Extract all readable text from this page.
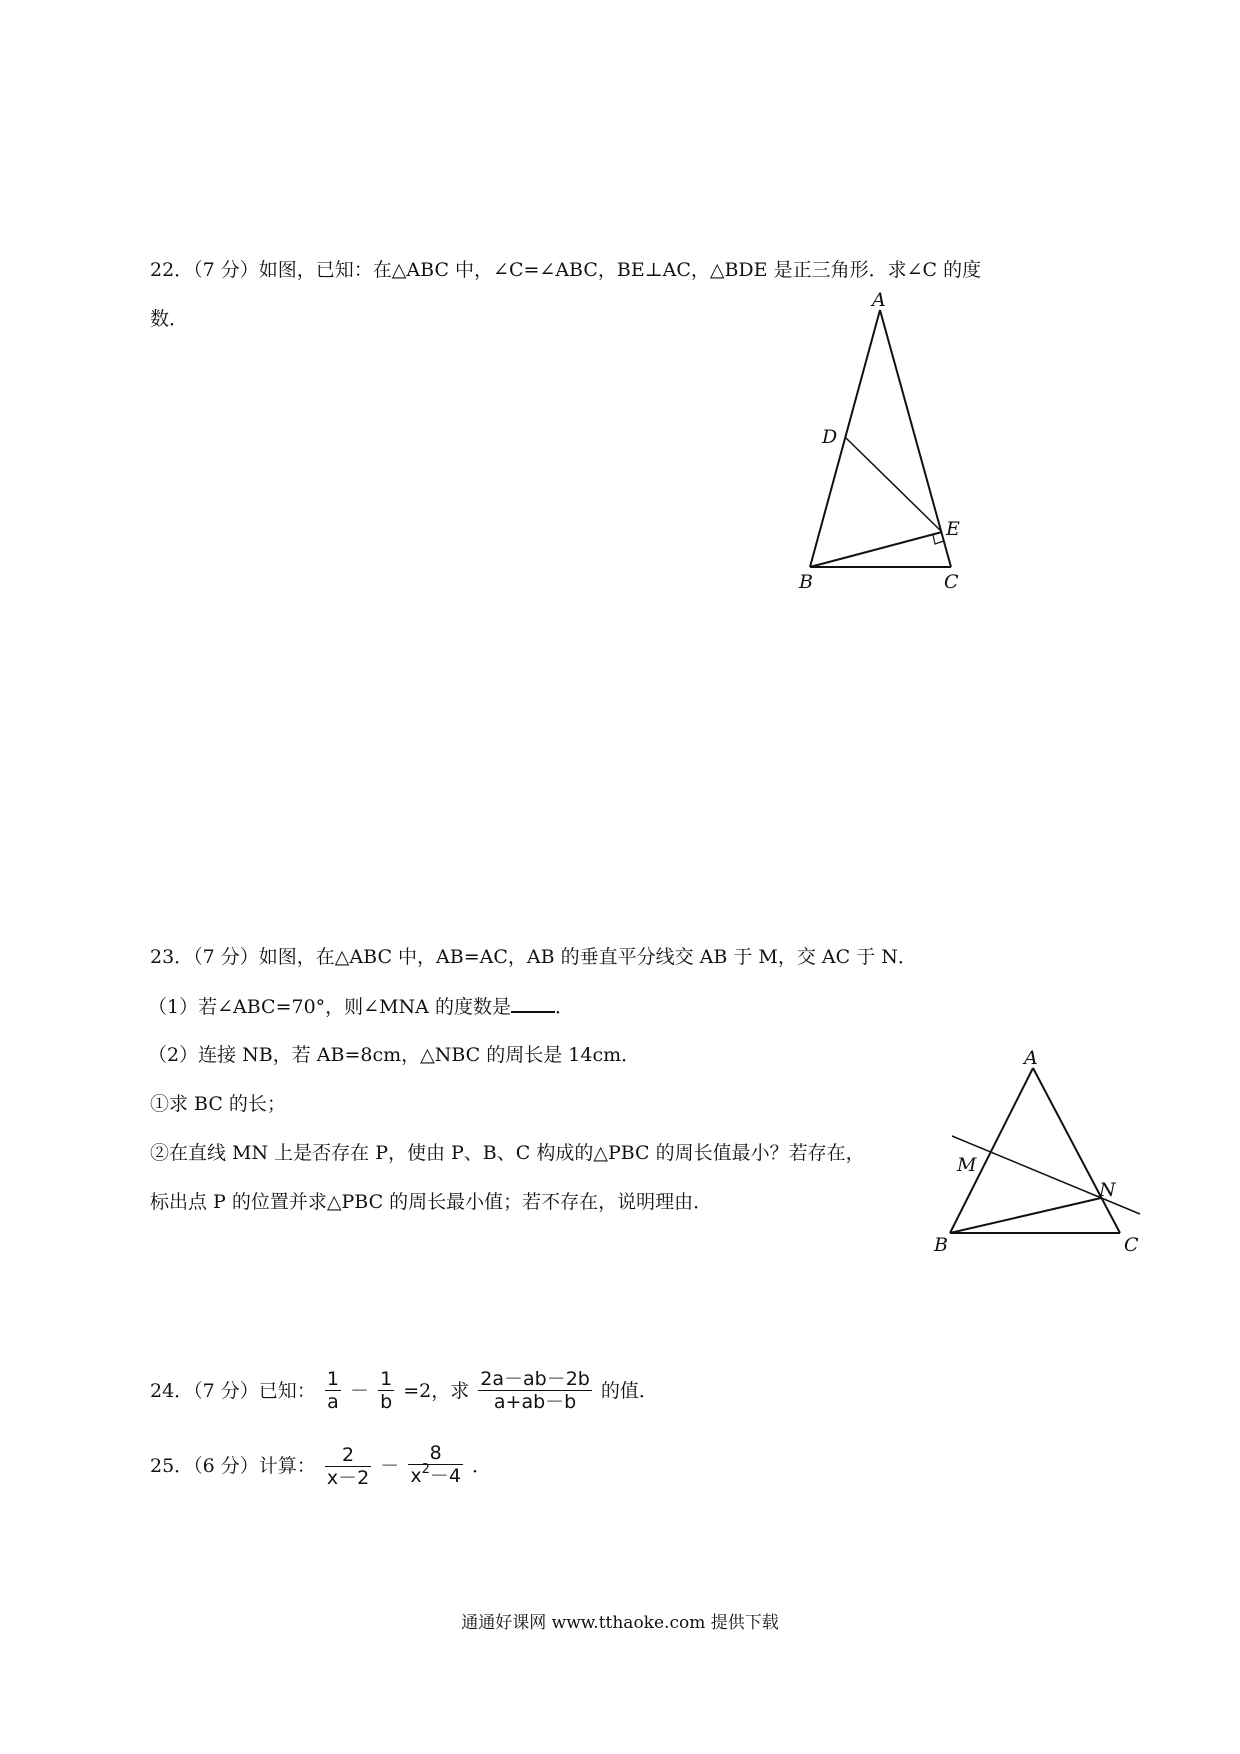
22．（7 分）如图，已知：在△ABC 中，∠C=∠ABC，BE⊥AC，△BDE 是正三角形．求∠C 的度
数．
A
D
E
B	C
23．（7 分）如图，在△ABC 中，AB=AC，AB 的垂直平分线交 AB 于 M，交 AC 于 N．
（1）若∠ABC=70°，则∠MNA 的度数是 ．
（2）连接 NB，若 AB=8cm，△NBC 的周长是 14cm．
①求 BC 的长；
②在直线 MN 上是否存在 P，使由 P、B、C 构成的△PBC 的周长值最小？若存在，
标出点 P 的位置并求△PBC 的周长最小值；若不存在，说明理由．
A
M
N
B	C
24．（7 分）已知： $\frac{1}{a} - \frac{1}{b} =2$，求 $\frac{2a-ab-2b}{a+ab-b}$ 的值．
25．（6 分）计算： $\frac{2}{x-2} - \frac{8}{x^2-4}$ ．
通通好课网 www.tthaoke.com 提供下载
